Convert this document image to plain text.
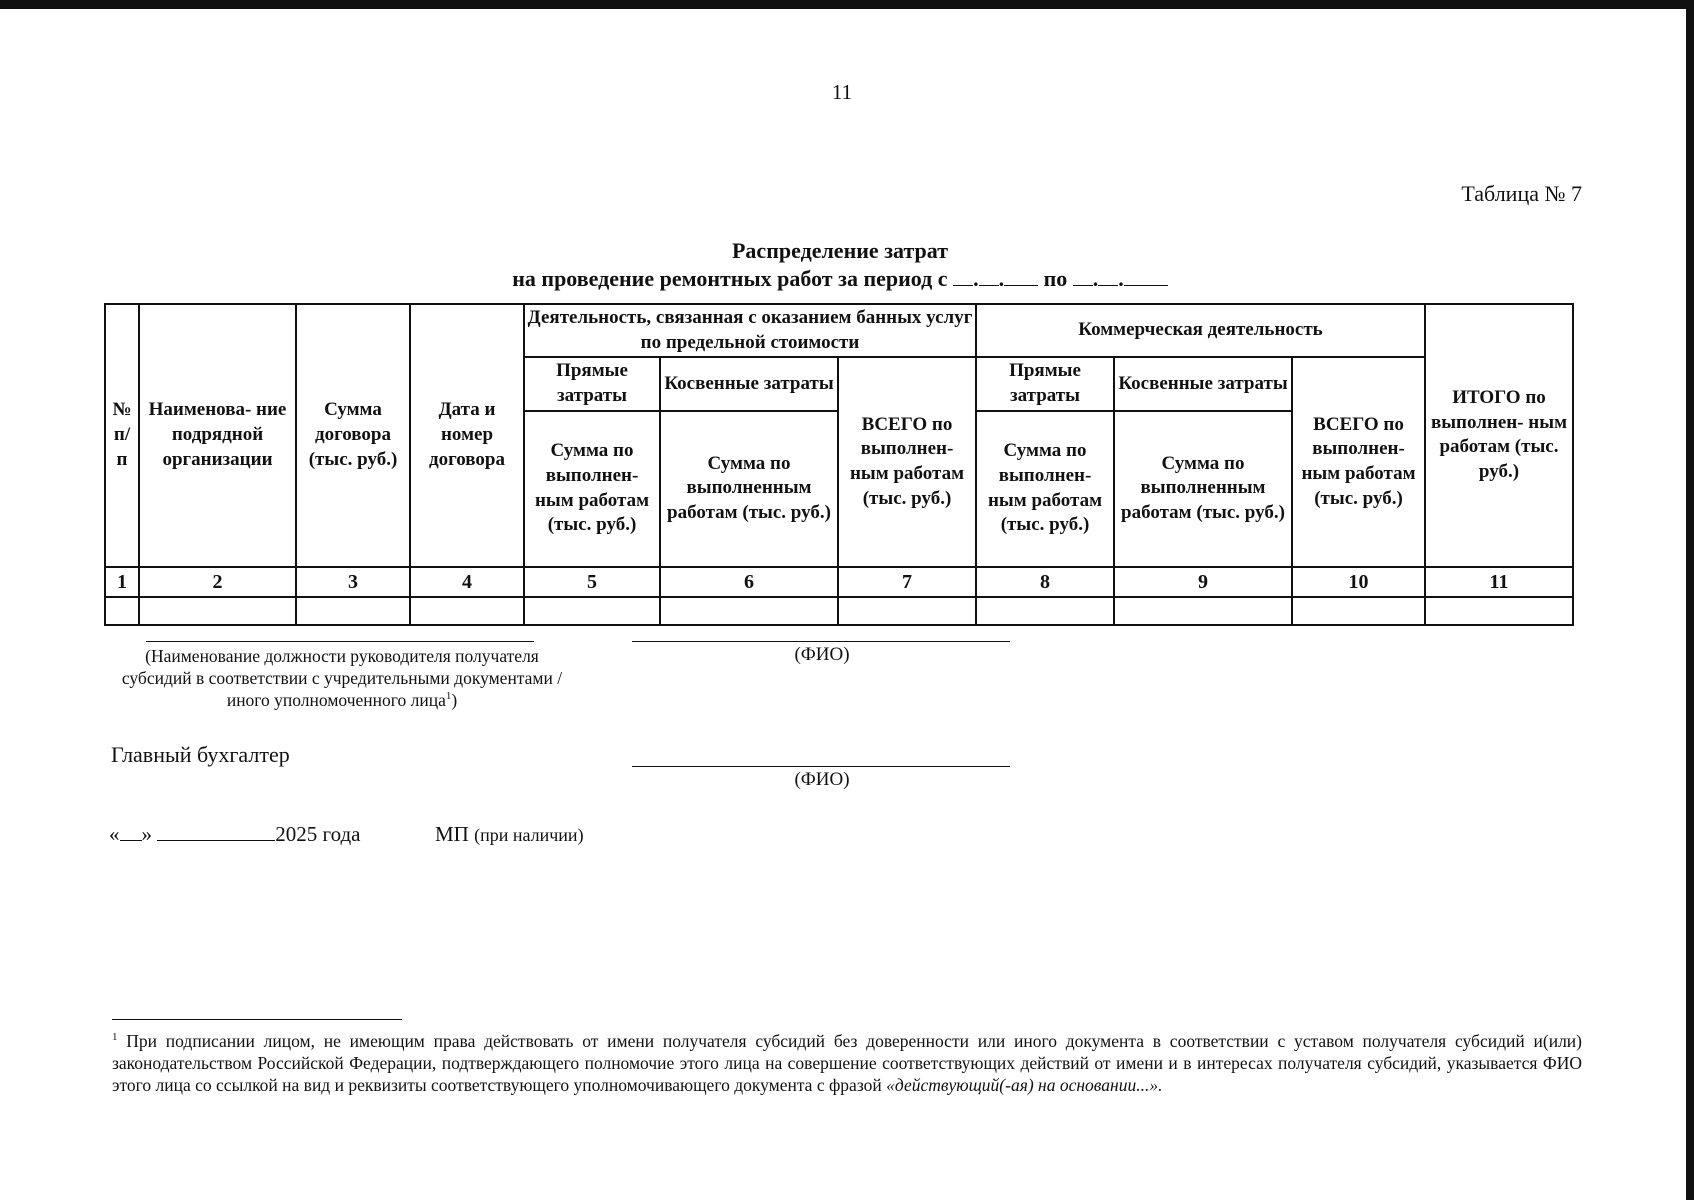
11
Таблица № 7
Распределение затрат
на проведение ремонтных работ за период с . . по . .
№ п/ п	Наименова- ние подрядной организации	Сумма договора (тыс. руб.)	Дата и номер договора	Деятельность, связанная с оказанием банных услуг по предельной стоимости			Коммерческая деятельность			ИТОГО по выполнен- ным работам (тыс. руб.)
				Прямые затраты	Косвенные затраты	ВСЕГО по выполнен- ным работам (тыс. руб.)	Прямые затраты	Косвенные затраты	ВСЕГО по выполнен- ным работам (тыс. руб.)	
				Сумма по выполнен- ным работам (тыс. руб.)	Сумма по выполненным работам (тыс. руб.)		Сумма по выполнен- ным работам (тыс. руб.)	Сумма по выполненным работам (тыс. руб.)		
1	2	3	4	5	6	7	8	9	10	11

(Наименование должности руководителя получателя субсидий в соответствии с учредительными документами / иного уполномоченного лица$^1$)
(ФИО)
Главный бухгалтер
(ФИО)
« »	2025 года	МП (при наличии)
$^1$ При подписании лицом, не имеющим права действовать от имени получателя субсидий без доверенности или иного документа в соответствии с уставом получателя субсидий и(или) законодательством Российской Федерации, подтверждающего полномочие этого лица на совершение соответствующих действий от имени и в интересах получателя субсидий, указывается ФИО этого лица со ссылкой на вид и реквизиты соответствующего уполномочивающего документа с фразой «действующий(-ая) на основании...».
